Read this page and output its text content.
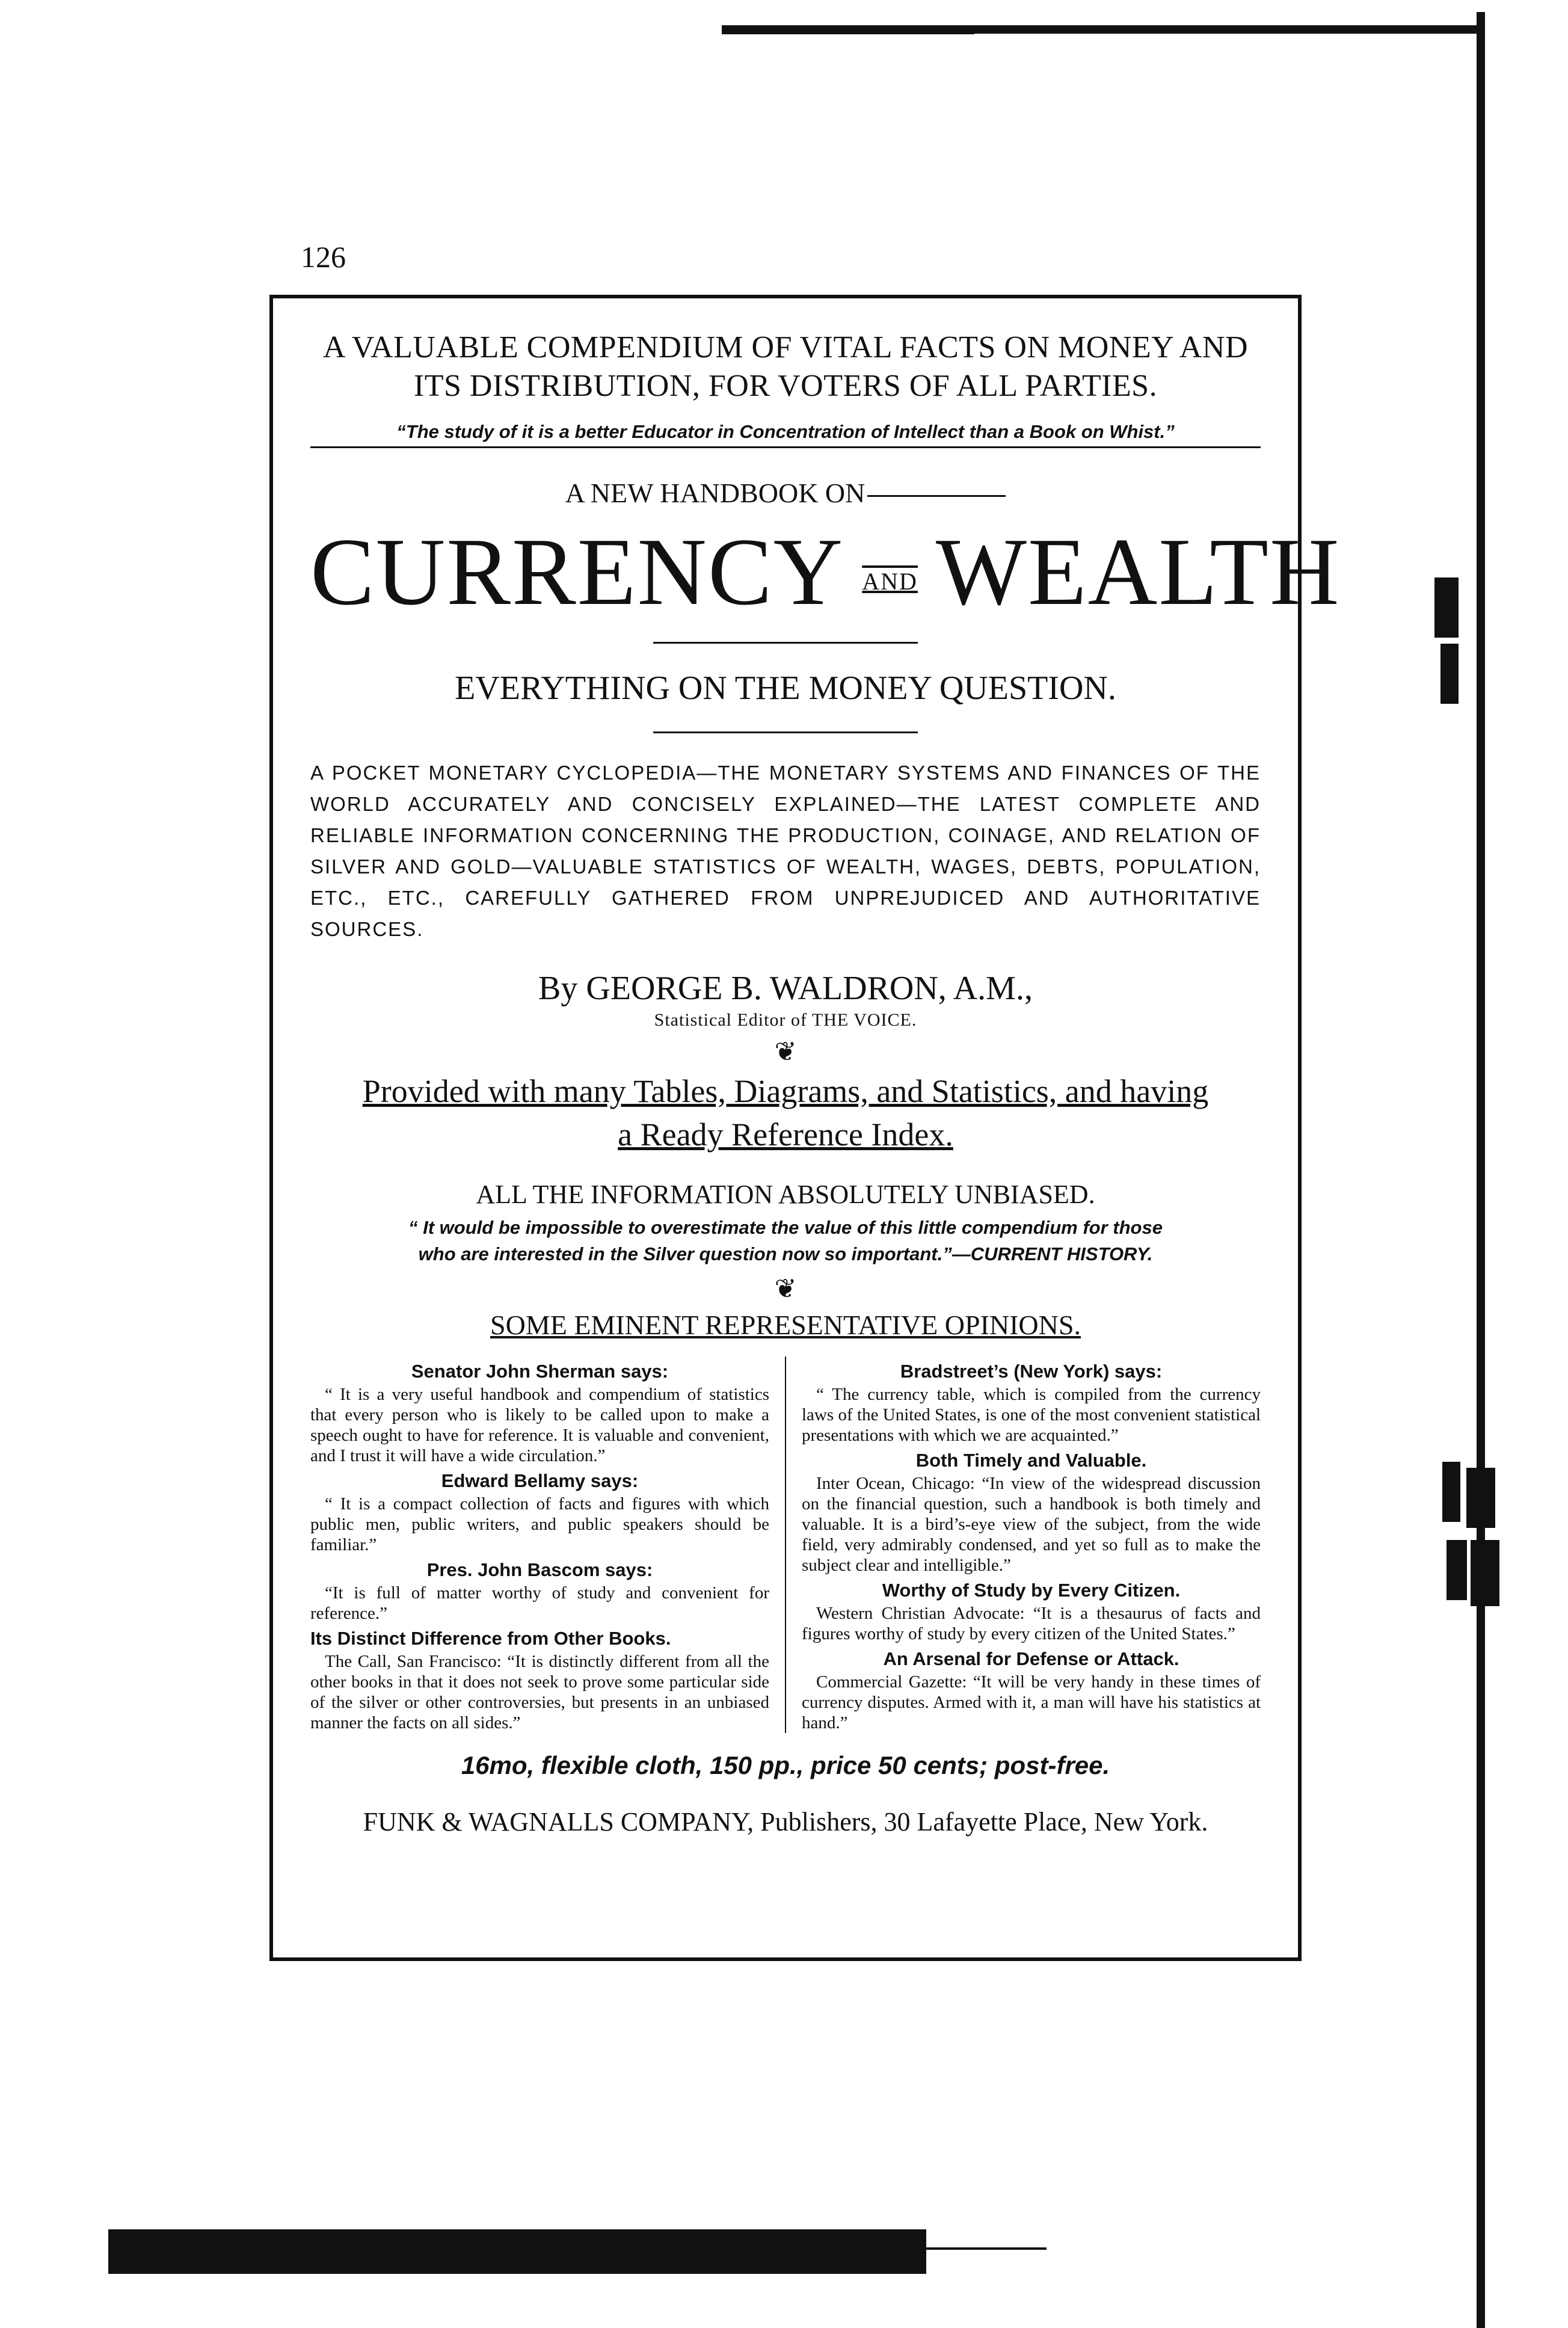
126
A VALUABLE COMPENDIUM OF VITAL FACTS ON MONEY AND
ITS DISTRIBUTION, FOR VOTERS OF ALL PARTIES.
“The study of it is a better Educator in Concentration of Intellect than a Book on Whist.”
A NEW HANDBOOK ON
CURRENCY AND WEALTH
EVERYTHING ON THE MONEY QUESTION.
A POCKET MONETARY CYCLOPEDIA—THE MONETARY SYSTEMS AND FINANCES OF THE WORLD ACCURATELY AND CONCISELY EXPLAINED—THE LATEST COMPLETE AND RELIABLE INFORMATION CONCERNING THE PRODUCTION, COINAGE, AND RELATION OF SILVER AND GOLD—VALUABLE STATISTICS OF WEALTH, WAGES, DEBTS, POPULATION, ETC., ETC., CAREFULLY GATHERED FROM UNPREJUDICED AND AUTHORITATIVE SOURCES.
By GEORGE B. WALDRON, A.M.,
Statistical Editor of THE VOICE.
❦
Provided with many Tables, Diagrams, and Statistics, and having
a Ready Reference Index.
ALL THE INFORMATION ABSOLUTELY UNBIASED.
“ It would be impossible to overestimate the value of this little compendium for those
who are interested in the Silver question now so important.”—CURRENT HISTORY.
❦
SOME EMINENT REPRESENTATIVE OPINIONS.
Senator John Sherman says:

“ It is a very useful handbook and compendium of statistics that every person who is likely to be called upon to make a speech ought to have for reference. It is valuable and convenient, and I trust it will have a wide circulation.”

Edward Bellamy says:

“ It is a compact collection of facts and figures with which public men, public writers, and public speakers should be familiar.”

Pres. John Bascom says:

“It is full of matter worthy of study and convenient for reference.”

Its Distinct Difference from Other Books.

The Call, San Francisco: “It is distinctly different from all the other books in that it does not seek to prove some particular side of the silver or other controversies, but presents in an unbiased manner the facts on all sides.”

Bradstreet’s (New York) says:

“ The currency table, which is compiled from the currency laws of the United States, is one of the most convenient statistical presentations with which we are acquainted.”

Both Timely and Valuable.

Inter Ocean, Chicago: “In view of the widespread discussion on the financial question, such a handbook is both timely and valuable. It is a bird’s-eye view of the subject, from the wide field, very admirably condensed, and yet so full as to make the subject clear and intelligible.”

Worthy of Study by Every Citizen.

Western Christian Advocate: “It is a thesaurus of facts and figures worthy of study by every citizen of the United States.”

An Arsenal for Defense or Attack.

Commercial Gazette: “It will be very handy in these times of currency disputes. Armed with it, a man will have his statistics at hand.”

16mo, flexible cloth, 150 pp., price 50 cents; post-free.
FUNK & WAGNALLS COMPANY, Publishers, 30 Lafayette Place, New York.
